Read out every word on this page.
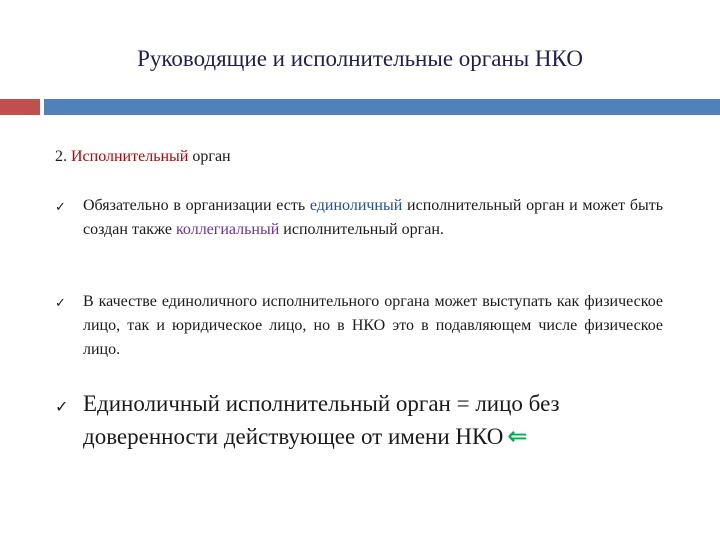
Руководящие и исполнительные органы НКО
2. Исполнительный орган
✓ Обязательно в организации есть единоличный исполнительный орган и может быть создан также коллегиальный исполнительный орган.
✓ В качестве единоличного исполнительного органа может выступать как физическое лицо, так и юридическое лицо, но в НКО это в подавляющем числе физическое лицо.
✓ Единоличный исполнительный орган = лицо без доверенности действующее от имени НКО ⇐
